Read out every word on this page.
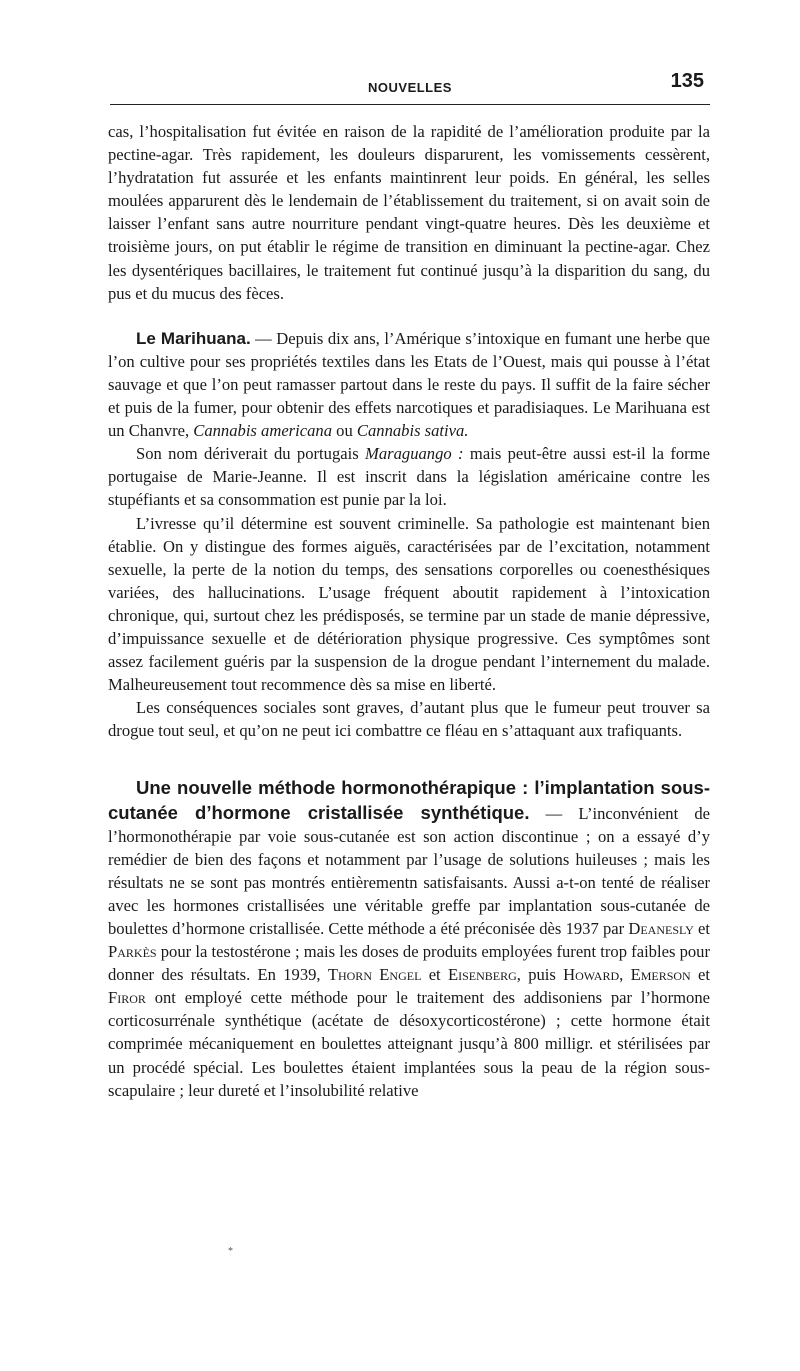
NOUVELLES	135

cas, l’hospitalisation fut évitée en raison de la rapidité de l’amélioration produite par la pectine-agar. Très rapidement, les douleurs disparurent, les vomissements cessèrent, l’hydratation fut assurée et les enfants maintinrent leur poids. En général, les selles moulées apparurent dès le lendemain de l’établissement du traitement, si on avait soin de laisser l’enfant sans autre nourriture pendant vingt-quatre heures. Dès les deuxième et troisième jours, on put établir le régime de transition en diminuant la pectine-agar. Chez les dysentériques bacillaires, le traitement fut continué jusqu’à la disparition du sang, du pus et du mucus des fèces.

Le Marihuana. — Depuis dix ans, l’Amérique s’intoxique en fumant une herbe que l’on cultive pour ses propriétés textiles dans les Etats de l’Ouest, mais qui pousse à l’état sauvage et que l’on peut ramasser partout dans le reste du pays. Il suffit de la faire sécher et puis de la fumer, pour obtenir des effets narcotiques et paradisiaques. Le Marihuana est un Chanvre, Cannabis americana ou Cannabis sativa.

Son nom dériverait du portugais Maraguango : mais peut-être aussi est-il la forme portugaise de Marie-Jeanne. Il est inscrit dans la législation américaine contre les stupéfiants et sa consommation est punie par la loi.

L’ivresse qu’il détermine est souvent criminelle. Sa pathologie est maintenant bien établie. On y distingue des formes aiguës, caractérisées par de l’excitation, notamment sexuelle, la perte de la notion du temps, des sensations corporelles ou coenesthésiques variées, des hallucinations. L’usage fréquent aboutit rapidement à l’intoxication chronique, qui, surtout chez les prédisposés, se termine par un stade de manie dépressive, d’impuissance sexuelle et de détérioration physique progressive. Ces symptômes sont assez facilement guéris par la suspension de la drogue pendant l’internement du malade. Malheureusement tout recommence dès sa mise en liberté.

Les conséquences sociales sont graves, d’autant plus que le fumeur peut trouver sa drogue tout seul, et qu’on ne peut ici combattre ce fléau en s’attaquant aux trafiquants.

Une nouvelle méthode hormonothérapique : l’implantation sous-cutanée d’hormone cristallisée synthétique. — L’inconvénient de l’hormonothérapie par voie sous-cutanée est son action discontinue ; on a essayé d’y remédier de bien des façons et notamment par l’usage de solutions huileuses ; mais les résultats ne se sont pas montrés entièrementn satisfaisants. Aussi a-t-on tenté de réaliser avec les hormones cristallisées une véritable greffe par implantation sous-cutanée de boulettes d’hormone cristallisée. Cette méthode a été préconisée dès 1937 par Deanesly et Parkès pour la testostérone ; mais les doses de produits employées furent trop faibles pour donner des résultats. En 1939, Thorn Engel et Eisenberg, puis Howard, Emerson et Firor ont employé cette méthode pour le traitement des addisoniens par l’hormone corticosurrénale synthétique (acétate de désoxycorticostérone) ; cette hormone était comprimée mécaniquement en boulettes atteignant jusqu’à 800 milligr. et stérilisées par un procédé spécial. Les boulettes étaient implantées sous la peau de la région sous-scapulaire ; leur dureté et l’insolubilité relative

*
